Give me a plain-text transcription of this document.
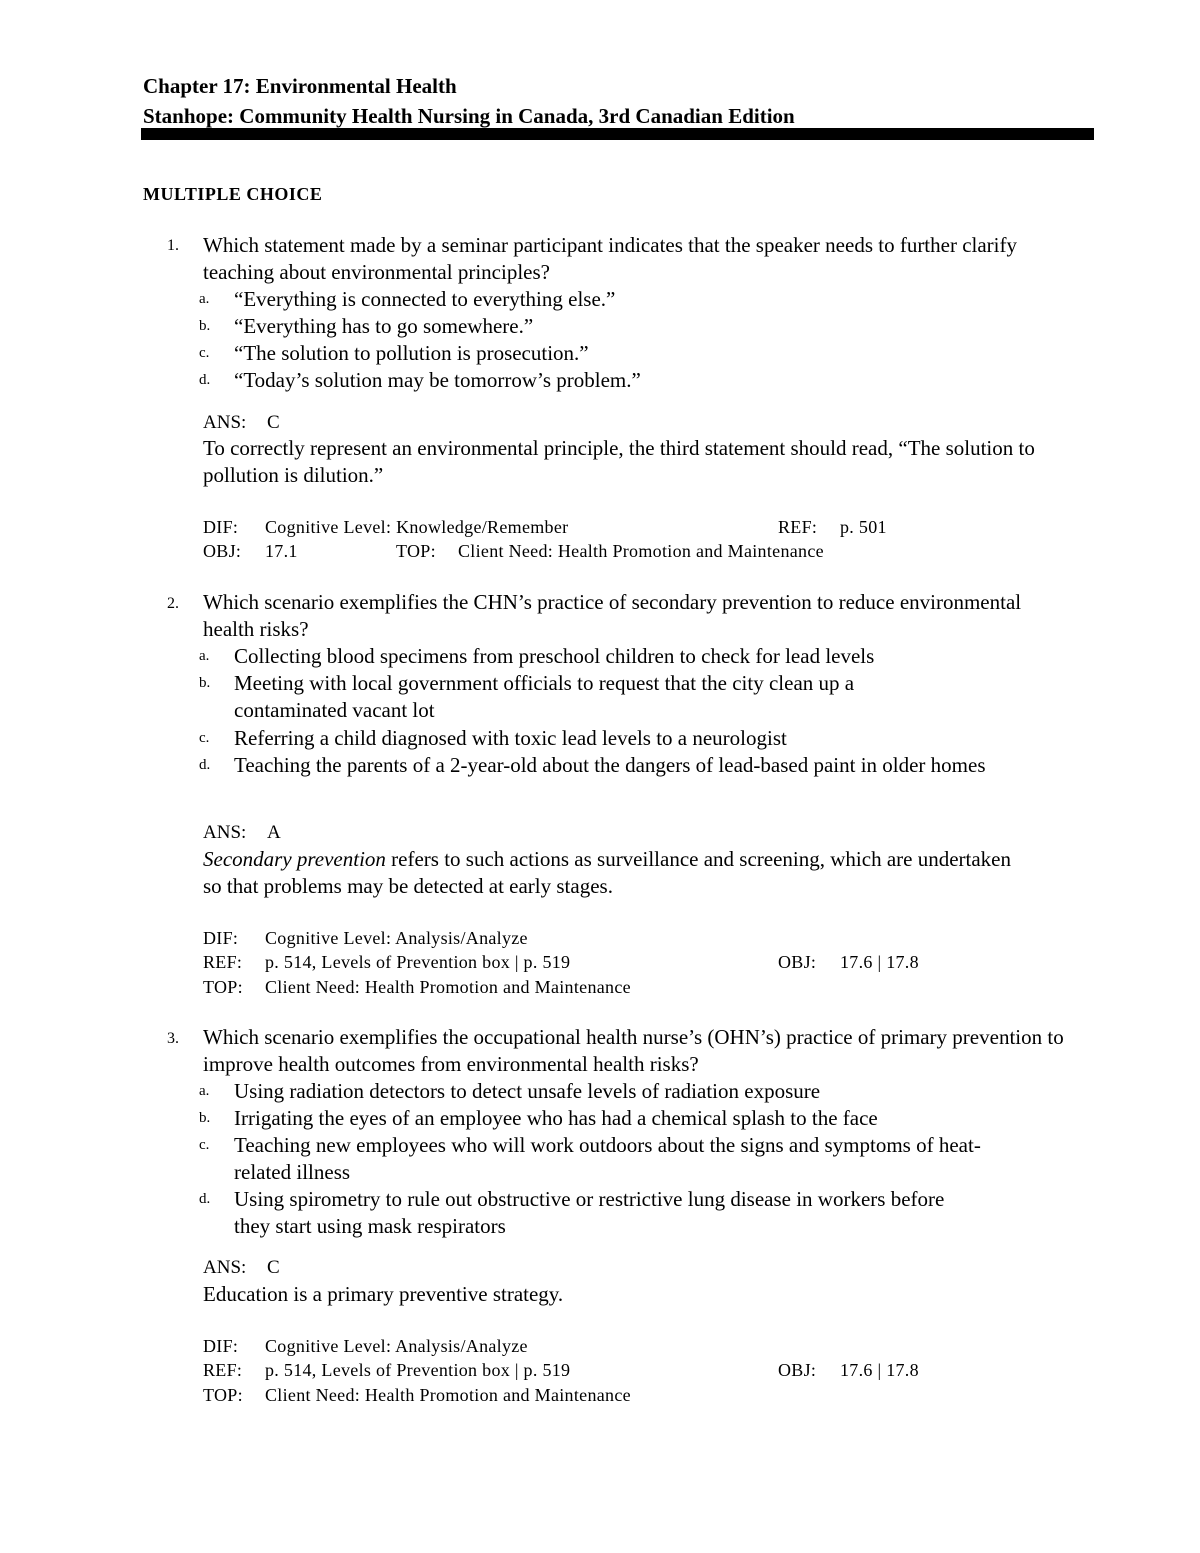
Chapter 17: Environmental Health
Stanhope: Community Health Nursing in Canada, 3rd Canadian Edition
MULTIPLE CHOICE
1.	Which statement made by a seminar participant indicates that the speaker needs to further clarify teaching about environmental principles?
a. “Everything is connected to everything else.”
b. “Everything has to go somewhere.”
c. “The solution to pollution is prosecution.”
d. “Today’s solution may be tomorrow’s problem.”
ANS: C
To correctly represent an environmental principle, the third statement should read, “The solution to pollution is dilution.”
DIF: Cognitive Level: Knowledge/Remember	REF: p. 501
OBJ: 17.1	TOP: Client Need: Health Promotion and Maintenance
2.	Which scenario exemplifies the CHN’s practice of secondary prevention to reduce environmental health risks?
a. Collecting blood specimens from preschool children to check for lead levels
b. Meeting with local government officials to request that the city clean up a contaminated vacant lot
c. Referring a child diagnosed with toxic lead levels to a neurologist
d. Teaching the parents of a 2-year-old about the dangers of lead-based paint in older homes
ANS: A
Secondary prevention refers to such actions as surveillance and screening, which are undertaken so that problems may be detected at early stages.
DIF: Cognitive Level: Analysis/Analyze
REF: p. 514, Levels of Prevention box | p. 519	OBJ: 17.6 | 17.8
TOP: Client Need: Health Promotion and Maintenance
3.	Which scenario exemplifies the occupational health nurse’s (OHN’s) practice of primary prevention to improve health outcomes from environmental health risks?
a. Using radiation detectors to detect unsafe levels of radiation exposure
b. Irrigating the eyes of an employee who has had a chemical splash to the face
c. Teaching new employees who will work outdoors about the signs and symptoms of heat-related illness
d. Using spirometry to rule out obstructive or restrictive lung disease in workers before they start using mask respirators
ANS: C
Education is a primary preventive strategy.
DIF: Cognitive Level: Analysis/Analyze
REF: p. 514, Levels of Prevention box | p. 519	OBJ: 17.6 | 17.8
TOP: Client Need: Health Promotion and Maintenance
